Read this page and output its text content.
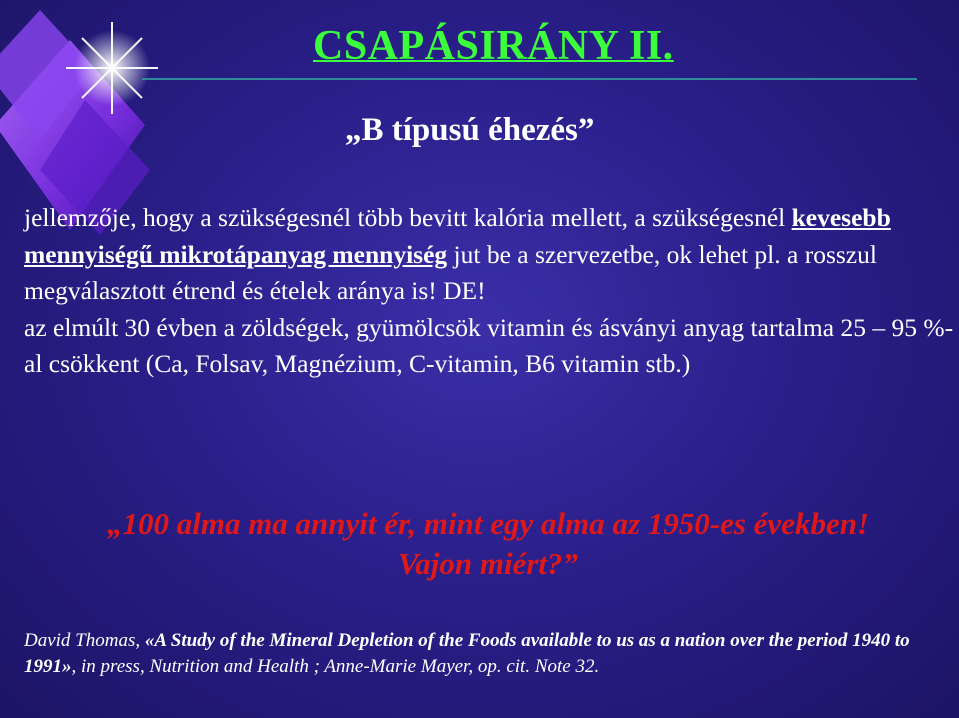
CSAPÁSIRÁNY II.
„B típusú éhezés”

jellemzője, hogy a szükségesnél több bevitt kalória mellett, a szükségesnél kevesebb mennyiségű mikrotápanyag mennyiség jut be a szervezetbe, ok lehet pl. a rosszul megválasztott étrend és ételek aránya is! DE!

az elmúlt 30 évben a zöldségek, gyümölcsök vitamin és ásványi anyag tartalma 25 – 95 %-al csökkent (Ca, Folsav, Magnézium, C-vitamin, B6 vitamin stb.)

„100 alma ma annyit ér, mint egy alma az 1950-es években!
Vajon miért?”
David Thomas, «A Study of the Mineral Depletion of the Foods available to us as a nation over the period 1940 to 1991», in press, Nutrition and Health ; Anne-Marie Mayer, op. cit. Note 32.
